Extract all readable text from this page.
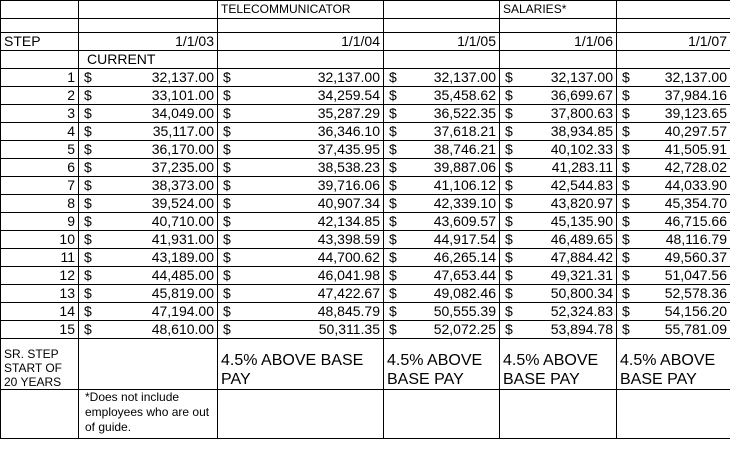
		TELECOMMUNICATOR		SALARIES*	

STEP	1/1/03	1/1/04	1/1/05	1/1/06	1/1/07
	CURRENT				
1	$ 32,137.00	$ 32,137.00	$ 32,137.00	$ 32,137.00	$ 32,137.00

2	$ 33,101.00	$ 34,259.54	$ 35,458.62	$ 36,699.67	$ 37,984.16

3	$ 34,049.00	$ 35,287.29	$ 36,522.35	$ 37,800.63	$ 39,123.65

4	$ 35,117.00	$ 36,346.10	$ 37,618.21	$ 38,934.85	$ 40,297.57

5	$ 36,170.00	$ 37,435.95	$ 38,746.21	$ 40,102.33	$ 41,505.91

6	$ 37,235.00	$ 38,538.23	$ 39,887.06	$ 41,283.11	$ 42,728.02

7	$ 38,373.00	$ 39,716.06	$ 41,106.12	$ 42,544.83	$ 44,033.90

8	$ 39,524.00	$ 40,907.34	$ 42,339.10	$ 43,820.97	$ 45,354.70

9	$ 40,710.00	$ 42,134.85	$ 43,609.57	$ 45,135.90	$ 46,715.66

10	$ 41,931.00	$ 43,398.59	$ 44,917.54	$ 46,489.65	$ 48,116.79

11	$ 43,189.00	$ 44,700.62	$ 46,265.14	$ 47,884.42	$ 49,560.37

12	$ 44,485.00	$ 46,041.98	$ 47,653.44	$ 49,321.31	$ 51,047.56

13	$ 45,819.00	$ 47,422.67	$ 49,082.46	$ 50,800.34	$ 52,578.36

14	$ 47,194.00	$ 48,845.79	$ 50,555.39	$ 52,324.83	$ 54,156.20

15	$ 48,610.00	$ 50,311.35	$ 52,072.25	$ 53,894.78	$ 55,781.09

SR. STEP START OF 20 YEARS		4.5% ABOVE BASE PAY	4.5% ABOVE BASE PAY	4.5% ABOVE BASE PAY	4.5% ABOVE BASE PAY
	*Does not include employees who are out of guide.				
